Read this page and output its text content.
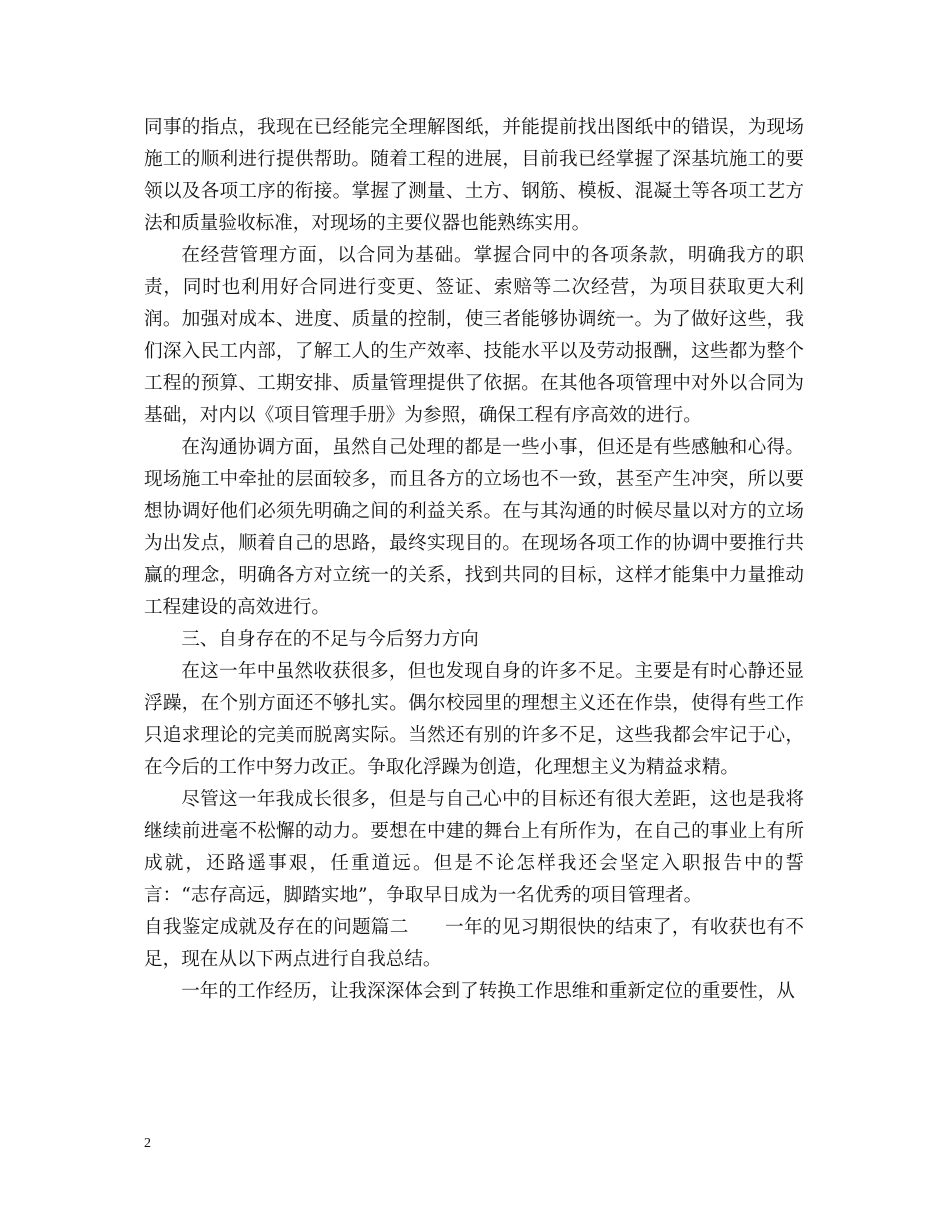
同事的指点，我现在已经能完全理解图纸，并能提前找出图纸中的错误，为现场施工的顺利进行提供帮助。随着工程的进展，目前我已经掌握了深基坑施工的要领以及各项工序的衔接。掌握了测量、土方、钢筋、模板、混凝土等各项工艺方法和质量验收标准，对现场的主要仪器也能熟练实用。

在经营管理方面，以合同为基础。掌握合同中的各项条款，明确我方的职责，同时也利用好合同进行变更、签证、索赔等二次经营，为项目获取更大利润。加强对成本、进度、质量的控制，使三者能够协调统一。为了做好这些，我们深入民工内部，了解工人的生产效率、技能水平以及劳动报酬，这些都为整个工程的预算、工期安排、质量管理提供了依据。在其他各项管理中对外以合同为基础，对内以《项目管理手册》为参照，确保工程有序高效的进行。

在沟通协调方面，虽然自己处理的都是一些小事，但还是有些感触和心得。现场施工中牵扯的层面较多，而且各方的立场也不一致，甚至产生冲突，所以要想协调好他们必须先明确之间的利益关系。在与其沟通的时候尽量以对方的立场为出发点，顺着自己的思路，最终实现目的。在现场各项工作的协调中要推行共赢的理念，明确各方对立统一的关系，找到共同的目标，这样才能集中力量推动工程建设的高效进行。

三、自身存在的不足与今后努力方向

在这一年中虽然收获很多，但也发现自身的许多不足。主要是有时心静还显浮躁，在个别方面还不够扎实。偶尔校园里的理想主义还在作祟，使得有些工作只追求理论的完美而脱离实际。当然还有别的许多不足，这些我都会牢记于心，在今后的工作中努力改正。争取化浮躁为创造，化理想主义为精益求精。

尽管这一年我成长很多，但是与自己心中的目标还有很大差距，这也是我将继续前进毫不松懈的动力。要想在中建的舞台上有所作为，在自己的事业上有所成就，还路遥事艰，任重道远。但是不论怎样我还会坚定入职报告中的誓言：“志存高远，脚踏实地”，争取早日成为一名优秀的项目管理者。

自我鉴定成就及存在的问题篇二 一年的见习期很快的结束了，有收获也有不足，现在从以下两点进行自我总结。

一年的工作经历，让我深深体会到了转换工作思维和重新定位的重要性，从

2
